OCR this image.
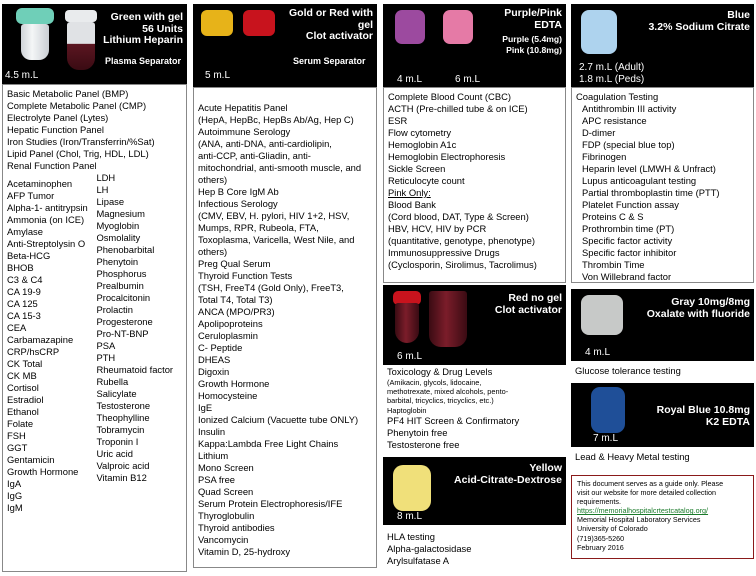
Green with gel
56 Units
Lithium Heparin
Plasma Separator
4.5 m.L
Basic Metabolic Panel (BMP)
Complete Metabolic Panel (CMP)
Electrolyte Panel (Lytes)
Hepatic Function Panel
Iron Studies (Iron/Transferrin/%Sat)
Lipid Panel (Chol, Trig, HDL, LDL)
Renal Function Panel
Acetaminophen
AFP Tumor
Alpha-1- antitrypsin
Ammonia (on ICE)
Amylase
Anti-Streptolysin O
Beta-HCG
BHOB
C3 & C4
CA 19-9
CA 125
CA 15-3
CEA
Carbamazapine
CRP/hsCRP
CK Total
CK MB
Cortisol
Estradiol
Ethanol
Folate
FSH
GGT
Gentamicin
Growth Hormone
IgA
IgG
IgM
LDH
LH
Lipase
Magnesium
Myoglobin
Osmolality
Phenobarbital
Phenytoin
Phosphorus
Prealbumin
Procalcitonin
Prolactin
Progesterone
Pro-NT-BNP
PSA
PTH
Rheumatoid factor
Rubella
Salicylate
Testosterone
Theophylline
Tobramycin
Troponin I
Uric acid
Valproic acid
Vitamin B12
Gold or Red with
gel
Clot activator
Serum Separator
5 m.L
Acute Hepatitis Panel
(HepA, HepBc, HepBs Ab/Ag, Hep C)
Autoimmune Serology
(ANA, anti-DNA, anti-cardiolipin,
anti-CCP, anti-Gliadin, anti-
mitochondrial, anti-smooth muscle, and
others)
Hep B Core IgM Ab
Infectious Serology
(CMV, EBV, H. pylori, HIV 1+2, HSV,
Mumps, RPR, Rubeola, FTA,
Toxoplasma, Varicella, West Nile, and
others)
Preg Qual Serum
Thyroid Function Tests
(TSH, FreeT4 (Gold Only), FreeT3,
Total T4, Total T3)
ANCA (MPO/PR3)
Apolipoproteins
Ceruloplasmin
C- Peptide
DHEAS
Digoxin
Growth Hormone
Homocysteine
IgE
Ionized Calcium (Vacuette tube ONLY)
Insulin
Kappa:Lambda Free Light Chains
Lithium
Mono Screen
PSA free
Quad Screen
Serum Protein Electrophoresis/IFE
Thyroglobulin
Thyroid antibodies
Vancomycin
Vitamin D, 25-hydroxy
Purple/Pink
EDTA
Purple (5.4mg)
Pink (10.8mg)
4 m.L	6 m.L
Complete Blood Count (CBC)
ACTH (Pre-chilled tube & on ICE)
ESR
Flow cytometry
Hemoglobin A1c
Hemoglobin Electrophoresis
Sickle Screen
Reticulocyte count
Pink Only:
Blood Bank
(Cord blood, DAT, Type & Screen)
HBV, HCV, HIV by PCR
(quantitative, genotype, phenotype)
Immunosuppressive Drugs
(Cyclosporin, Sirolimus, Tacrolimus)
Red no gel
Clot activator
6 m.L
Toxicology & Drug Levels
(Amikacin, glycols, lidocaine,
methotrexate, mixed alcohols, pento-
barbital, tricyclics, tricyclics, etc.)
Haptoglobin
PF4 HIT Screen & Confirmatory
Phenytoin free
Testosterone free
Yellow
Acid-Citrate-Dextrose
8 m.L
HLA testing
Alpha-galactosidase
Arylsulfatase A
Blue
3.2% Sodium Citrate
2.7 m.L (Adult)
1.8 m.L (Peds)
Coagulation Testing
Antithrombin III activity
APC resistance
D-dimer
FDP (special blue top)
Fibrinogen
Heparin level (LMWH & Unfract)
Lupus anticoagulant testing
Partial thromboplastin time (PTT)
Platelet Function assay
Proteins C & S
Prothrombin time (PT)
Specific factor activity
Specific factor inhibitor
Thrombin Time
Von Willebrand factor
Gray 10mg/8mg
Oxalate with fluoride
4 m.L
Glucose tolerance testing
Royal Blue 10.8mg
K2 EDTA
7 m.L
Lead & Heavy Metal testing
This document serves as a guide only. Please
visit our website for more detailed collection
requirements.
https://memorialhospitalcrtestcatalog.org/
Memorial Hospital Laboratory Services
University of Colorado
(719)365-5260
February 2016
